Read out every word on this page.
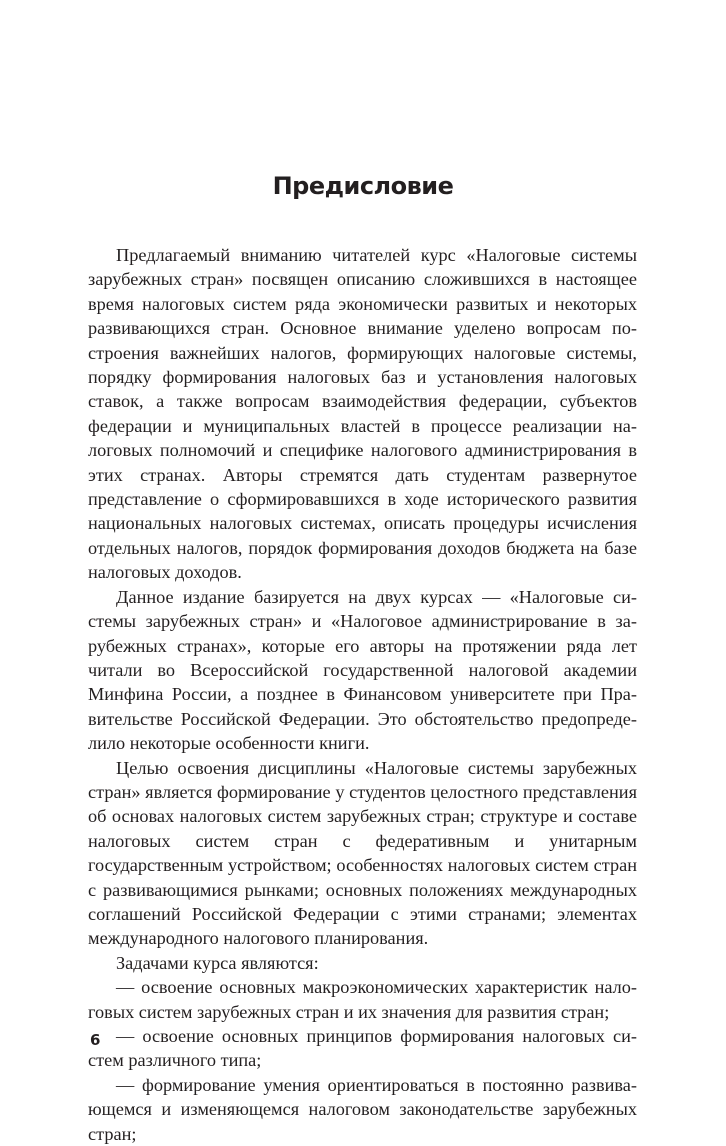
Предисловие

Предлагаемый вниманию читателей курс «Налоговые системы зарубежных стран» посвящен описанию сложившихся в настоящее время налоговых систем ряда экономически развитых и некоторых развивающихся стран. Основное внимание уделено вопросам построения важнейших налогов, формирующих налоговые системы, порядку формирования налоговых баз и установления налоговых ставок, а также вопросам взаимодействия федерации, субъектов федерации и муниципальных властей в процессе реализации налоговых полномочий и специфике налогового администрирования в этих странах. Авторы стремятся дать студентам развернутое представление о сформировавшихся в ходе исторического развития национальных налоговых системах, описать процедуры исчисления отдельных налогов, порядок формирования доходов бюджета на базе налоговых доходов.

Данное издание базируется на двух курсах — «Налоговые системы зарубежных стран» и «Налоговое администрирование в зарубежных странах», которые его авторы на протяжении ряда лет читали во Всероссийской государственной налоговой академии Минфина России, а позднее в Финансовом университете при Правительстве Российской Федерации. Это обстоятельство предопределило некоторые особенности книги.

Целью освоения дисциплины «Налоговые системы зарубежных стран» является формирование у студентов целостного представления об основах налоговых систем зарубежных стран; структуре и составе налоговых систем стран с федеративным и унитарным государственным устройством; особенностях налоговых систем стран с развивающимися рынками; основных положениях международных соглашений Российской Федерации с этими странами; элементах международного налогового планирования.

Задачами курса являются:

— освоение основных макроэкономических характеристик налоговых систем зарубежных стран и их значения для развития стран;

— освоение основных принципов формирования налоговых систем различного типа;

— формирование умения ориентироваться в постоянно развивающемся и изменяющемся налоговом законодательстве зарубежных стран;

6
